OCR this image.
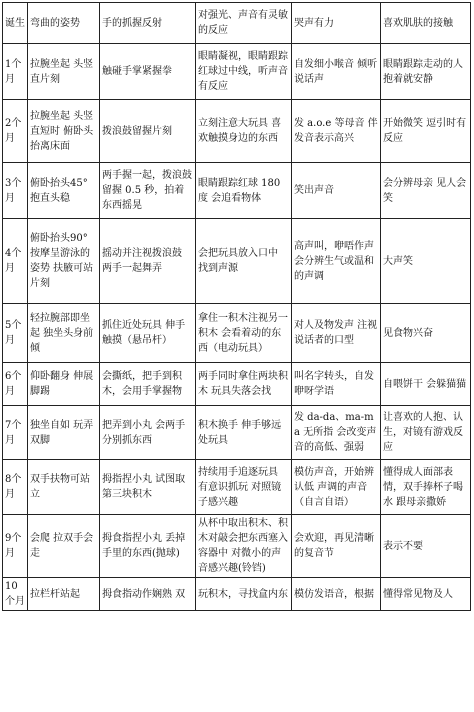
诞生	弯曲的姿势	手的抓握反射	对强光、声音有灵敏的反应	哭声有力	喜欢肌肤的接触

1个月	拉腕坐起 头竖直片刻	触碰手掌紧握拳	眼睛凝视，眼睛跟踪红球过中线，听声音有反应	自发细小喉音 倾听说话声	眼睛跟踪走动的人 抱着就安静

2个月	拉腕坐起 头竖直短时 俯卧头抬离床面	拨浪鼓留握片刻	立刻注意大玩具 喜欢触摸身边的东西	发 a.o.e 等母音 伴发音表示高兴	开始微笑 逗引时有反应

3个月	俯卧抬头45° 抱直头稳	两手握一起，拨浪鼓留握 0.5 秒，拍着东西摇晃	眼睛跟踪红球 180度 会追看物体	笑出声音	会分辨母亲 见人会笑

4个月	俯卧抬头90° 按摩呈游泳的姿势 扶腋可站片刻	摇动并注视拨浪鼓 两手一起舞弄	会把玩具放入口中 找到声源	高声叫，咿唔作声 会分辨生气或温和的声调	大声笑

5个月	轻拉腕部即坐起 独坐头身前倾	抓住近处玩具 伸手触摸（悬吊杆）	拿住一积木注视另一积木 会看着动的东西（电动玩具）	对人及物发声 注视说话者的口型	见食物兴奋

6个月	仰卧翻身 伸展脚踢	会撕纸，把手到积木，会用手掌握物	两手同时拿住两块积木 玩具失落会找	叫名字转头，自发咿呀学语	自喂饼干 会躲猫猫

7个月	独坐自如 玩弄双脚	把弄到小丸 会两手分别抓东西	积木换手 伸手够远处玩具	发 da-da、ma-ma 无所指 会改变声音的高低、强弱	让喜欢的人抱、认生，对镜有游戏反应

8个月	双手扶物可站立	拇指捏小丸 试图取第三块积木	持续用手追逐玩具 有意识抓玩 对照镜子感兴趣	模仿声音，开始辨认低 声调的声音（自言自语）	懂得成人面部表情，双手捧杯子喝水 跟母亲撒娇

9个月	会爬 拉双手会走	拇食指捏小丸 丢掉手里的东西(抛球)	从杯中取出积木、积木对敲会把东西塞入容器中 对微小的声音感兴趣(铃铛)	会欢迎，再见清晰的复音节	表示不要

10个月	拉栏杆站起	拇食指动作娴熟 双	玩积木，寻找盒内东	模仿发语音，根据	懂得常见物及人
